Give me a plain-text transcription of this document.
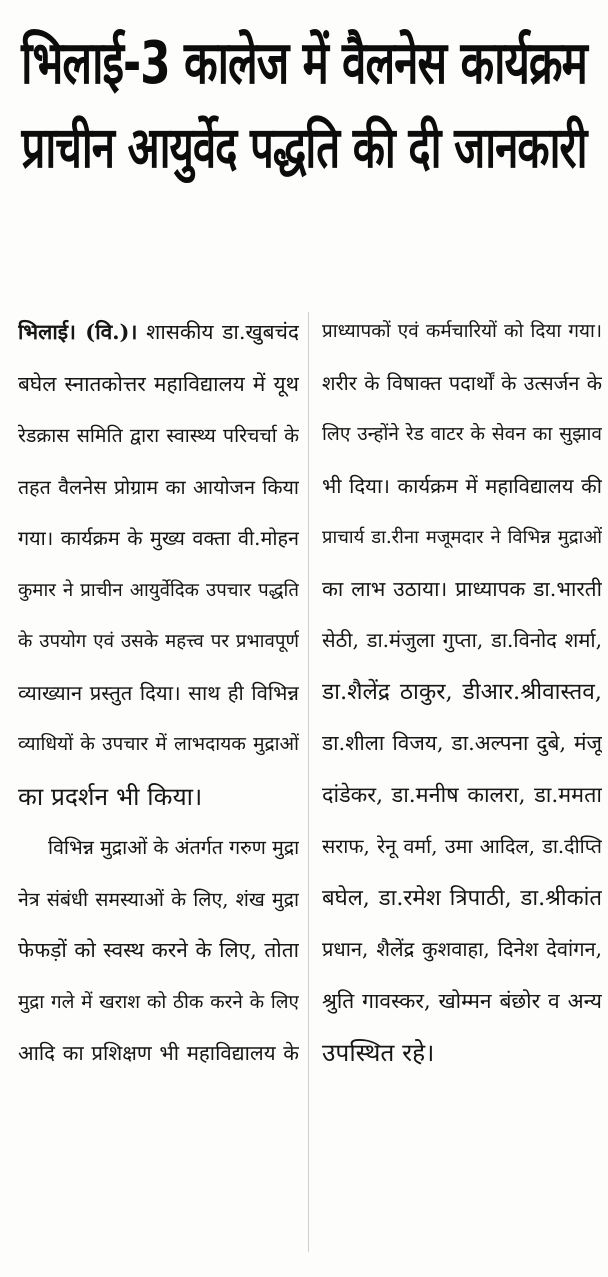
भिलाई-3 कालेज में वैलनेस कार्यक्रम
प्राचीन आयुर्वेद पद्धति की दी जानकारी
भिलाई। (वि.)। शासकीय डा.खुबचंद
बघेल स्नातकोत्तर महाविद्यालय में यूथ
रेडक्रास समिति द्वारा स्वास्थ्य परिचर्चा के
तहत वैलनेस प्रोग्राम का आयोजन किया
गया। कार्यक्रम के मुख्य वक्ता वी.मोहन
कुमार ने प्राचीन आयुर्वेदिक उपचार पद्धति
के उपयोग एवं उसके महत्त्व पर प्रभावपूर्ण
व्याख्यान प्रस्तुत दिया। साथ ही विभिन्न
व्याधियों के उपचार में लाभदायक मुद्राओं
का प्रदर्शन भी किया।
विभिन्न मुद्राओं के अंतर्गत गरुण मुद्रा
नेत्र संबंधी समस्याओं के लिए, शंख मुद्रा
फेफड़ों को स्वस्थ करने के लिए, तोता
मुद्रा गले में खराश को ठीक करने के लिए
आदि का प्रशिक्षण भी महाविद्यालय के
प्राध्यापकों एवं कर्मचारियों को दिया गया।
शरीर के विषाक्त पदार्थों के उत्सर्जन के
लिए उन्होंने रेड वाटर के सेवन का सुझाव
भी दिया। कार्यक्रम में महाविद्यालय की
प्राचार्य डा.रीना मजूमदार ने विभिन्न मुद्राओं
का लाभ उठाया। प्राध्यापक डा.भारती
सेठी, डा.मंजुला गुप्ता, डा.विनोद शर्मा,
डा.शैलेंद्र ठाकुर, डीआर.श्रीवास्तव,
डा.शीला विजय, डा.अल्पना दुबे, मंजू
दांडेकर, डा.मनीष कालरा, डा.ममता
सराफ, रेनू वर्मा, उमा आदिल, डा.दीप्ति
बघेल, डा.रमेश त्रिपाठी, डा.श्रीकांत
प्रधान, शैलेंद्र कुशवाहा, दिनेश देवांगन,
श्रुति गावस्कर, खोम्मन बंछोर व अन्य
उपस्थित रहे।
